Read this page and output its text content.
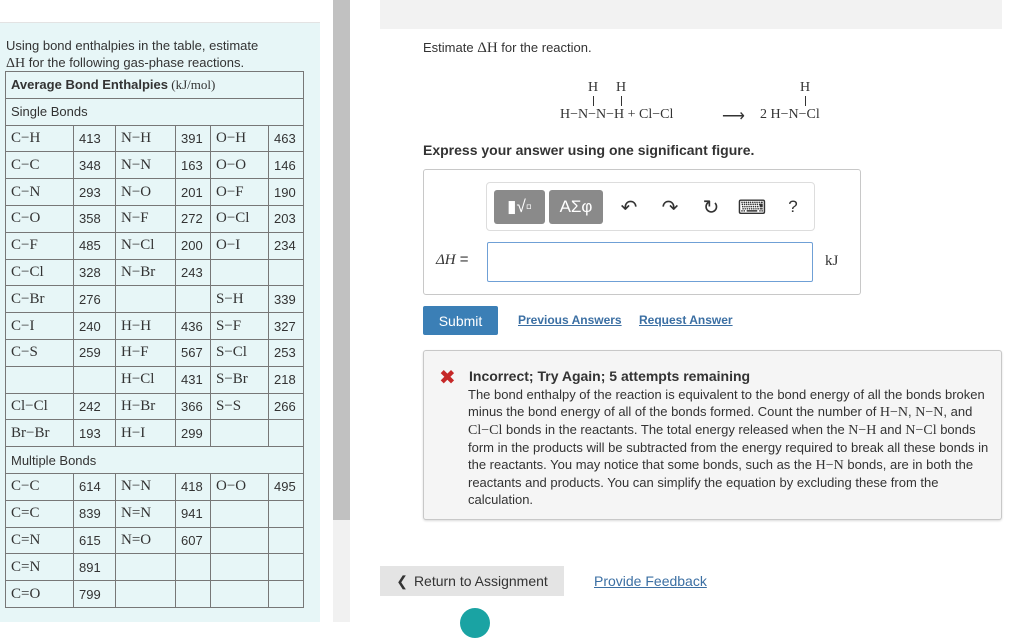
Using bond enthalpies in the table, estimate
ΔH for the following gas-phase reactions.
Average Bond Enthalpies (kJ/mol)					
Single Bonds					
C−H	413	N−H	391	O−H	463
C−C	348	N−N	163	O−O	146
C−N	293	N−O	201	O−F	190
C−O	358	N−F	272	O−Cl	203
C−F	485	N−Cl	200	O−I	234
C−Cl	328	N−Br	243		
C−Br	276			S−H	339
C−I	240	H−H	436	S−F	327
C−S	259	H−F	567	S−Cl	253
		H−Cl	431	S−Br	218
Cl−Cl	242	H−Br	366	S−S	266
Br−Br	193	H−I	299		
Multiple Bonds					
C−C	614	N−N	418	O−O	495
C=C	839	N=N	941		
C=N	615	N=O	607		
C=N	891				
C=O	799				
Estimate ΔH for the reaction.
H H	H
H−N−N−H + Cl−Cl	⟶ 2 H−N−Cl
Express your answer using one significant figure.
▮√▫ ΑΣφ ↶ ↷ ↻ ⌨	?
ΔH =	kJ
Submit	Previous Answers Request Answer
✖ Incorrect; Try Again; 5 attempts remaining
The bond enthalpy of the reaction is equivalent to the bond energy of all the bonds broken minus the bond energy of all of the bonds formed. Count the number of H−N, N−N, and Cl−Cl bonds in the reactants. The total energy released when the N−H and N−Cl bonds form in the products will be subtracted from the energy required to break all these bonds in the reactants. You may notice that some bonds, such as the H−N bonds, are in both the reactants and products. You can simplify the equation by excluding these from the calculation.
❮ Return to Assignment	Provide Feedback
